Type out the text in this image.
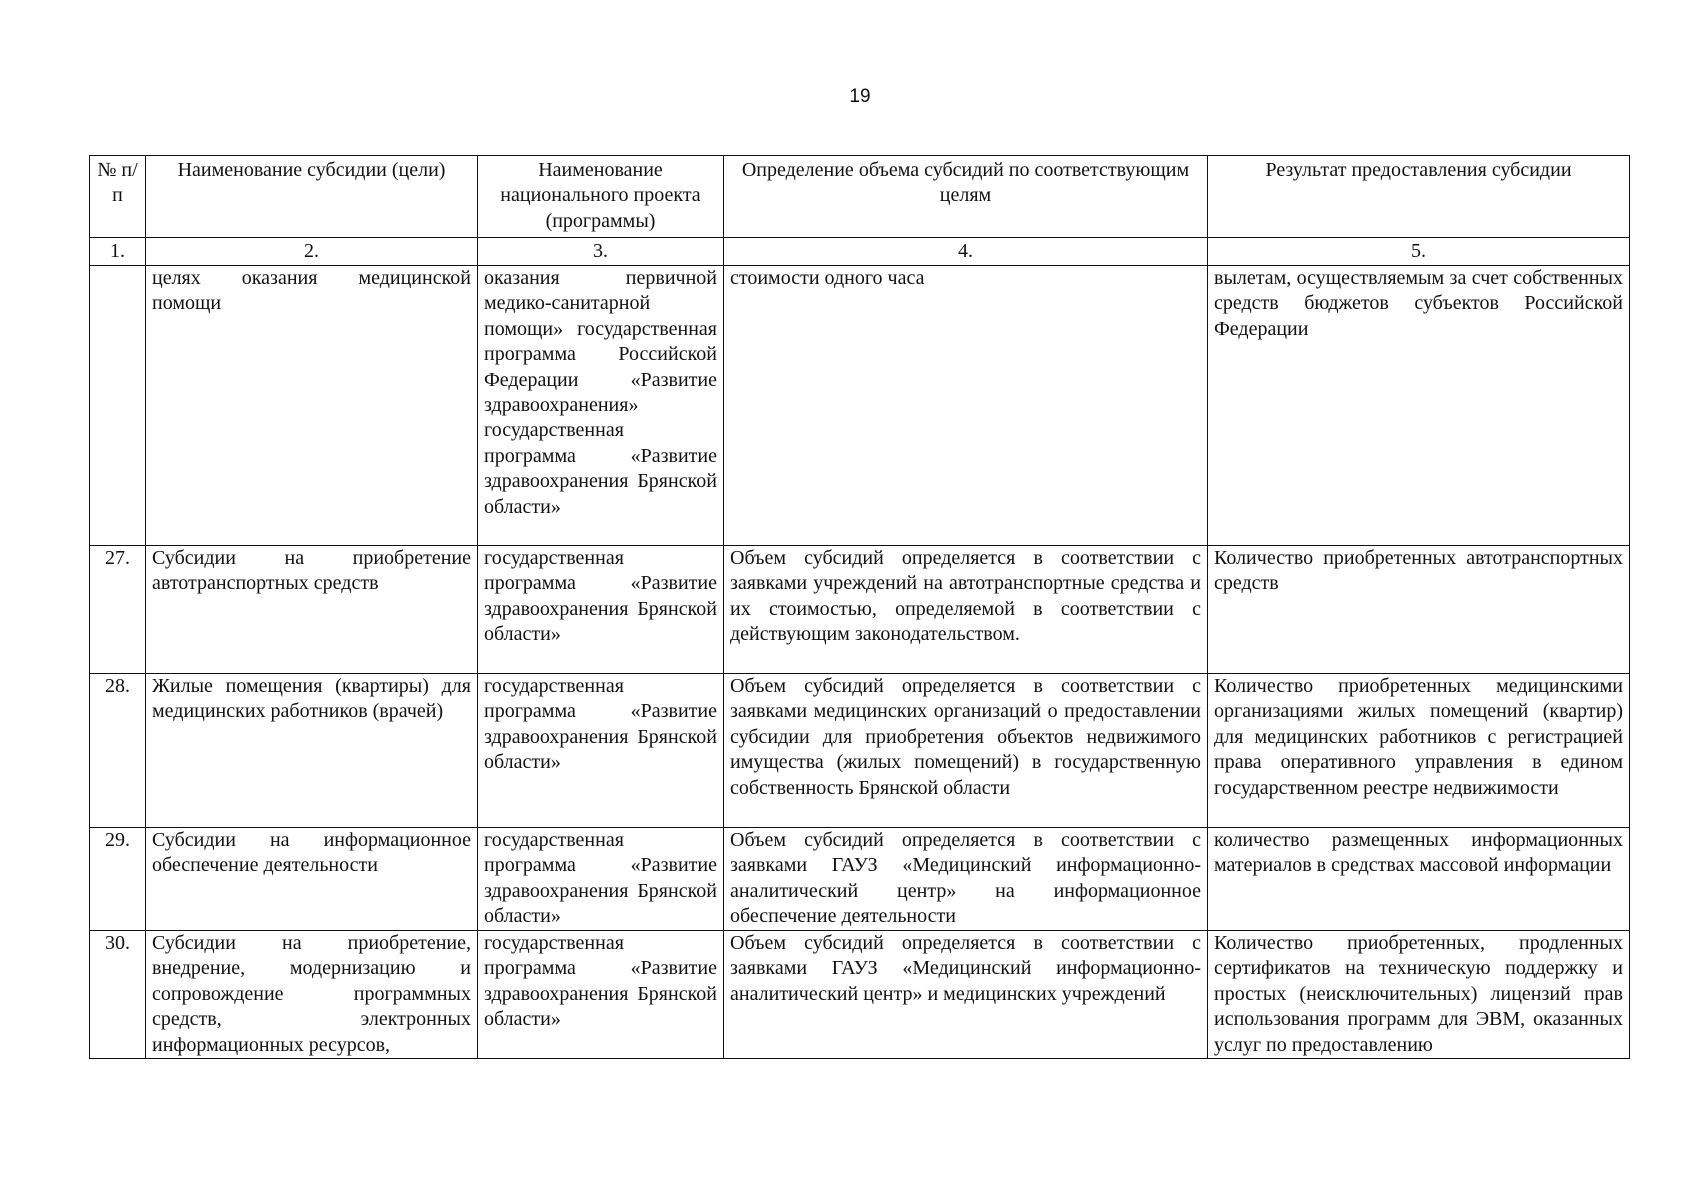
19
№ п/п	Наименование субсидии (цели)	Наименование национального проекта (программы)	Определение объема субсидий по соответствующим целям	Результат предоставления субсидии
1.	2.	3.	4.	5.
	целях оказания медицинской помощи	оказания первичной медико-санитарной помощи» государственная программа Российской Федерации «Развитие здравоохранения» государственная программа «Развитие здравоохранения Брянской области»	стоимости одного часа	вылетам, осуществляемым за счет собственных средств бюджетов субъектов Российской Федерации
27.	Субсидии на приобретение автотранспортных средств	государственная программа «Развитие здравоохранения Брянской области»	Объем субсидий определяется в соответствии с заявками учреждений на автотранспортные средства и их стоимостью, определяемой в соответствии с действующим законодательством.	Количество приобретенных автотранспортных средств
28.	Жилые помещения (квартиры) для медицинских работников (врачей)	государственная программа «Развитие здравоохранения Брянской области»	Объем субсидий определяется в соответствии с заявками медицинских организаций о предоставлении субсидии для приобретения объектов недвижимого имущества (жилых помещений) в государственную собственность Брянской области	Количество приобретенных медицинскими организациями жилых помещений (квартир) для медицинских работников с регистрацией права оперативного управления в едином государственном реестре недвижимости
29.	Субсидии на информационное обеспечение деятельности	государственная программа «Развитие здравоохранения Брянской области»	Объем субсидий определяется в соответствии с заявками ГАУЗ «Медицинский информационно-аналитический центр» на информационное обеспечение деятельности	количество размещенных информационных материалов в средствах массовой информации
30.	Субсидии на приобретение, внедрение, модернизацию и сопровождение программных средств, электронных информационных ресурсов,	государственная программа «Развитие здравоохранения Брянской области»	Объем субсидий определяется в соответствии с заявками ГАУЗ «Медицинский информационно-аналитический центр» и медицинских учреждений	Количество приобретенных, продленных сертификатов на техническую поддержку и простых (неисключительных) лицензий прав использования программ для ЭВМ, оказанных услуг по предоставлению
